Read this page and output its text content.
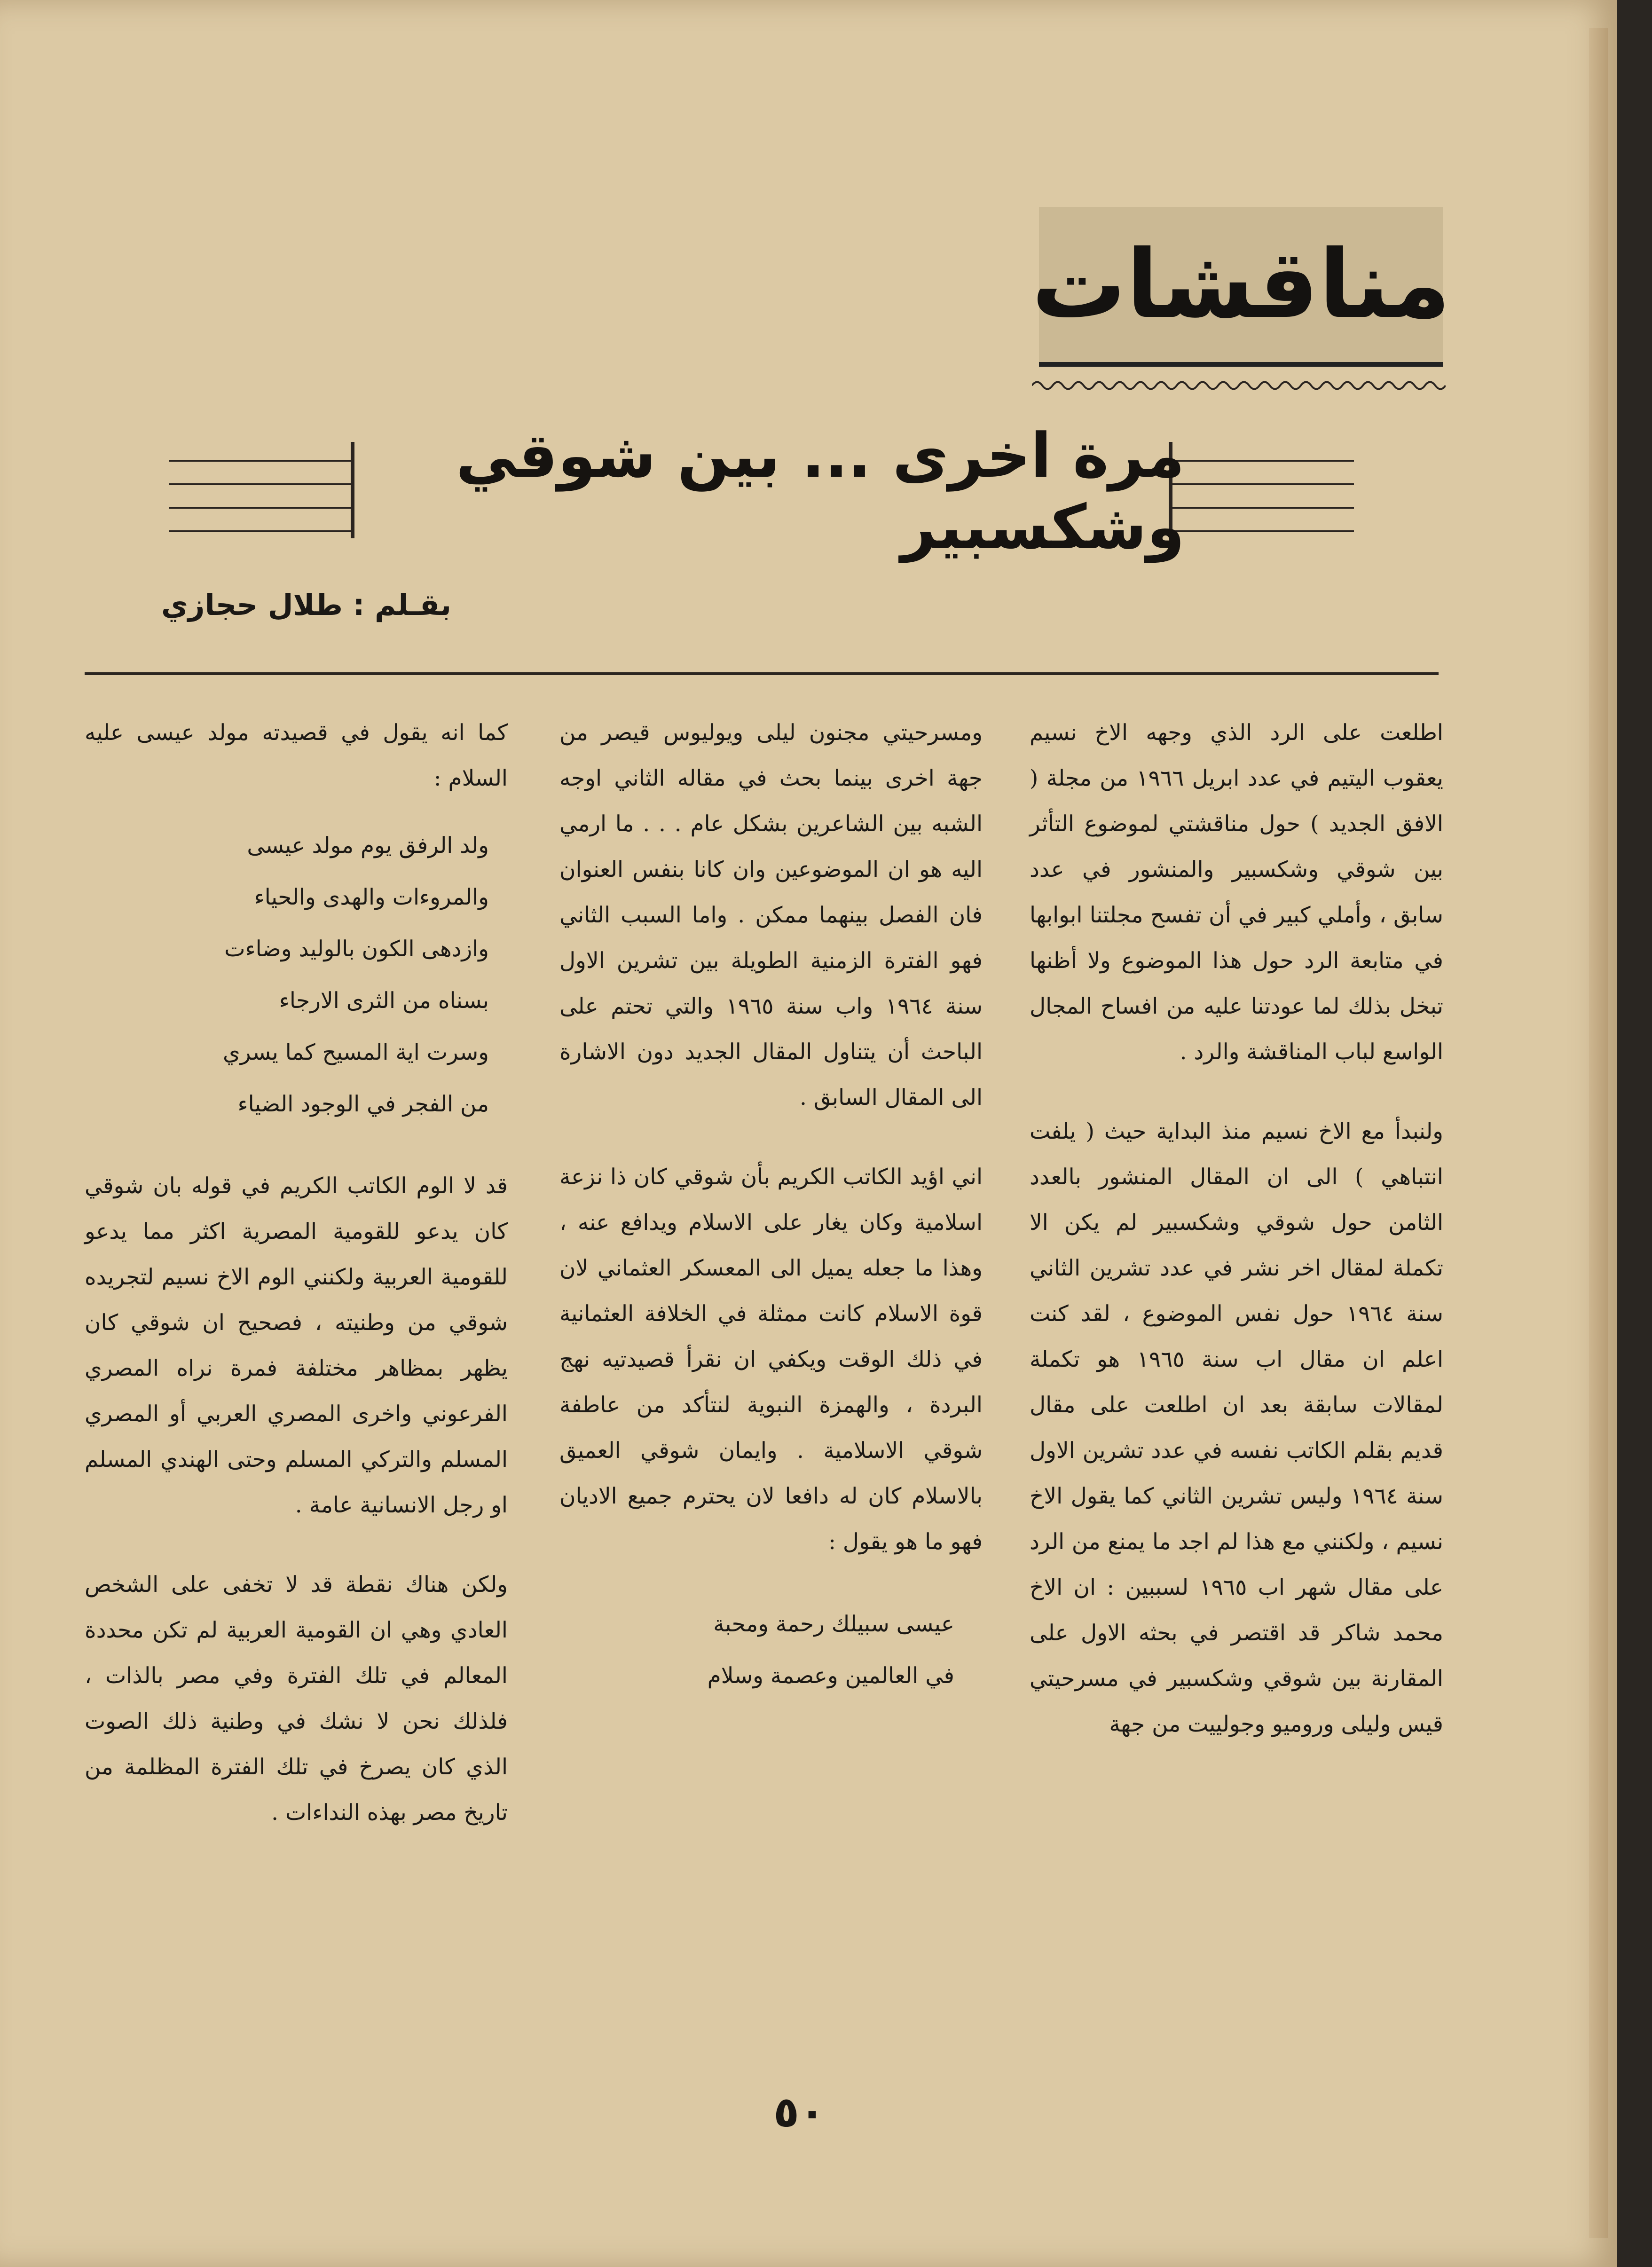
مناقشات
مرة اخرى ... بين شوقي وشكسبير
بقـلم : طلال حجازي

اطلعت على الرد الذي وجهه الاخ نسيم يعقوب اليتيم في عدد ابريل ١٩٦٦ من مجلة ( الافق الجديد ) حول مناقشتي لموضوع التأثر بين شوقي وشكسبير والمنشور في عدد سابق ، وأملي كبير في أن تفسح مجلتنا ابوابها في متابعة الرد حول هذا الموضوع ولا أظنها تبخل بذلك لما عودتنا عليه من افساح المجال الواسع لباب المناقشة والرد .

ولنبدأ مع الاخ نسيم منذ البداية حيث ( يلفت انتباهي ) الى ان المقال المنشور بالعدد الثامن حول شوقي وشكسبير لم يكن الا تكملة لمقال اخر نشر في عدد تشرين الثاني سنة ١٩٦٤ حول نفس الموضوع ، لقد كنت اعلم ان مقال اب سنة ١٩٦٥ هو تكملة لمقالات سابقة بعد ان اطلعت على مقال قديم بقلم الكاتب نفسه في عدد تشرين الاول سنة ١٩٦٤ وليس تشرين الثاني كما يقول الاخ نسيم ، ولكنني مع هذا لم اجد ما يمنع من الرد على مقال شهر اب ١٩٦٥ لسببين : ان الاخ محمد شاكر قد اقتصر في بحثه الاول على المقارنة بين شوقي وشكسبير في مسرحيتي قيس وليلى وروميو وجولييت من جهة

ومسرحيتي مجنون ليلى ويوليوس قيصر من جهة اخرى بينما بحث في مقاله الثاني اوجه الشبه بين الشاعرين بشكل عام . . . ما ارمي اليه هو ان الموضوعين وان كانا بنفس العنوان فان الفصل بينهما ممكن . واما السبب الثاني فهو الفترة الزمنية الطويلة بين تشرين الاول سنة ١٩٦٤ واب سنة ١٩٦٥ والتي تحتم على الباحث أن يتناول المقال الجديد دون الاشارة الى المقال السابق .

اني اؤيد الكاتب الكريم بأن شوقي كان ذا نزعة اسلامية وكان يغار على الاسلام ويدافع عنه ، وهذا ما جعله يميل الى المعسكر العثماني لان قوة الاسلام كانت ممثلة في الخلافة العثمانية في ذلك الوقت ويكفي ان نقرأ قصيدتيه نهج البردة ، والهمزة النبوية لنتأكد من عاطفة شوقي الاسلامية . وايمان شوقي العميق بالاسلام كان له دافعا لان يحترم جميع الاديان فهو ما هو يقول :

عيسى سبيلك رحمة ومحبة
في العالمين وعصمة وسلام

كما انه يقول في قصيدته مولد عيسى عليه السلام :

ولد الرفق يوم مولد عيسى
والمروءات والهدى والحياء
وازدهى الكون بالوليد وضاءت
بسناه من الثرى الارجاء
وسرت اية المسيح كما يسري
من الفجر في الوجود الضياء

قد لا الوم الكاتب الكريم في قوله بان شوقي كان يدعو للقومية المصرية اكثر مما يدعو للقومية العربية ولكنني الوم الاخ نسيم لتجريده شوقي من وطنيته ، فصحيح ان شوقي كان يظهر بمظاهر مختلفة فمرة نراه المصري الفرعوني واخرى المصري العربي أو المصري المسلم والتركي المسلم وحتى الهندي المسلم او رجل الانسانية عامة .

ولكن هناك نقطة قد لا تخفى على الشخص العادي وهي ان القومية العربية لم تكن محددة المعالم في تلك الفترة وفي مصر بالذات ، فلذلك نحن لا نشك في وطنية ذلك الصوت الذي كان يصرخ في تلك الفترة المظلمة من تاريخ مصر بهذه النداءات .

٥٠
